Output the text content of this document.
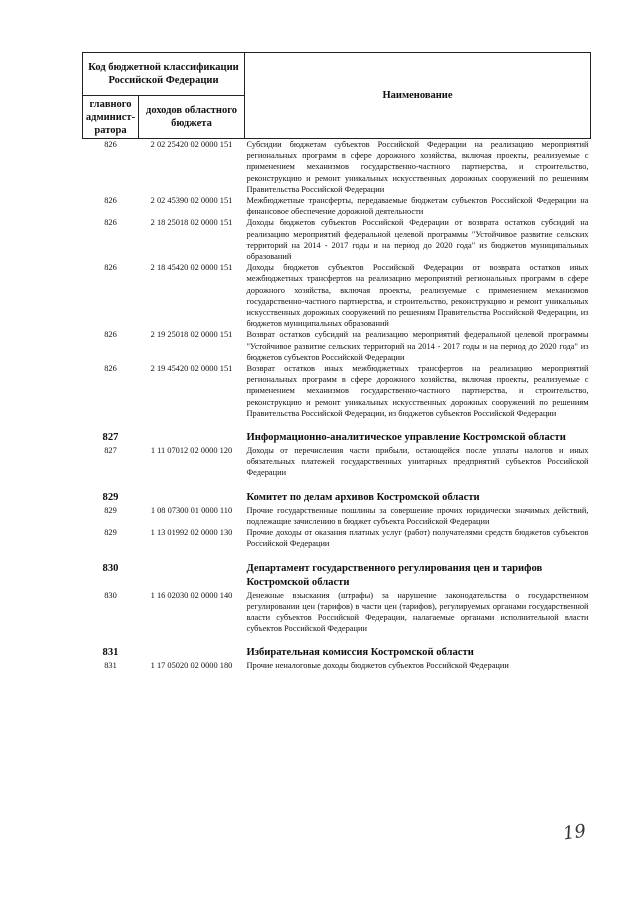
Код бюджетной классификации Российской Федерации		Наименование
главного админист-ратора	доходов областного бюджета	
826	2 02 25420 02 0000 151	Субсидии бюджетам субъектов Российской Федерации на реализацию мероприятий региональных программ в сфере дорожного хозяйства, включая проекты, реализуемые с применением механизмов государственно-частного партнерства, и строительство, реконструкцию и ремонт уникальных искусственных дорожных сооружений по решениям Правительства Российской Федерации
826	2 02 45390 02 0000 151	Межбюджетные трансферты, передаваемые бюджетам субъектов Российской Федерации на финансовое обеспечение дорожной деятельности
826	2 18 25018 02 0000 151	Доходы бюджетов субъектов Российской Федерации от возврата остатков субсидий на реализацию мероприятий федеральной целевой программы "Устойчивое развитие сельских территорий на 2014 - 2017 годы и на период до 2020 года" из бюджетов муниципальных образований
826	2 18 45420 02 0000 151	Доходы бюджетов субъектов Российской Федерации от возврата остатков иных межбюджетных трансфертов на реализацию мероприятий региональных программ в сфере дорожного хозяйства, включая проекты, реализуемые с применением механизмов государственно-частного партнерства, и строительство, реконструкцию и ремонт уникальных искусственных дорожных сооружений по решениям Правительства Российской Федерации, из бюджетов муниципальных образований
826	2 19 25018 02 0000 151	Возврат остатков субсидий на реализацию мероприятий федеральной целевой программы "Устойчивое развитие сельских территорий на 2014 - 2017 годы и на период до 2020 года" из бюджетов субъектов Российской Федерации
826	2 19 45420 02 0000 151	Возврат остатков иных межбюджетных трансфертов на реализацию мероприятий региональных программ в сфере дорожного хозяйства, включая проекты, реализуемые с применением механизмов государственно-частного партнерства, и строительство, реконструкцию и ремонт уникальных искусственных дорожных сооружений по решениям Правительства Российской Федерации, из бюджетов субъектов Российской Федерации
827		Информационно-аналитическое управление Костромской области
827	1 11 07012 02 0000 120	Доходы от перечисления части прибыли, остающейся после уплаты налогов и иных обязательных платежей государственных унитарных предприятий субъектов Российской Федерации
829		Комитет по делам архивов Костромской области
829	1 08 07300 01 0000 110	Прочие государственные пошлины за совершение прочих юридически значимых действий, подлежащие зачислению в бюджет субъекта Российской Федерации
829	1 13 01992 02 0000 130	Прочие доходы от оказания платных услуг (работ) получателями средств бюджетов субъектов Российской Федерации
830		Департамент государственного регулирования цен и тарифов Костромской области
830	1 16 02030 02 0000 140	Денежные взыскания (штрафы) за нарушение законодательства о государственном регулировании цен (тарифов) в части цен (тарифов), регулируемых органами государственной власти субъектов Российской Федерации, налагаемые органами исполнительной власти субъектов Российской Федерации
831		Избирательная комиссия Костромской области
831	1 17 05020 02 0000 180	Прочие неналоговые доходы бюджетов субъектов Российской Федерации
19
